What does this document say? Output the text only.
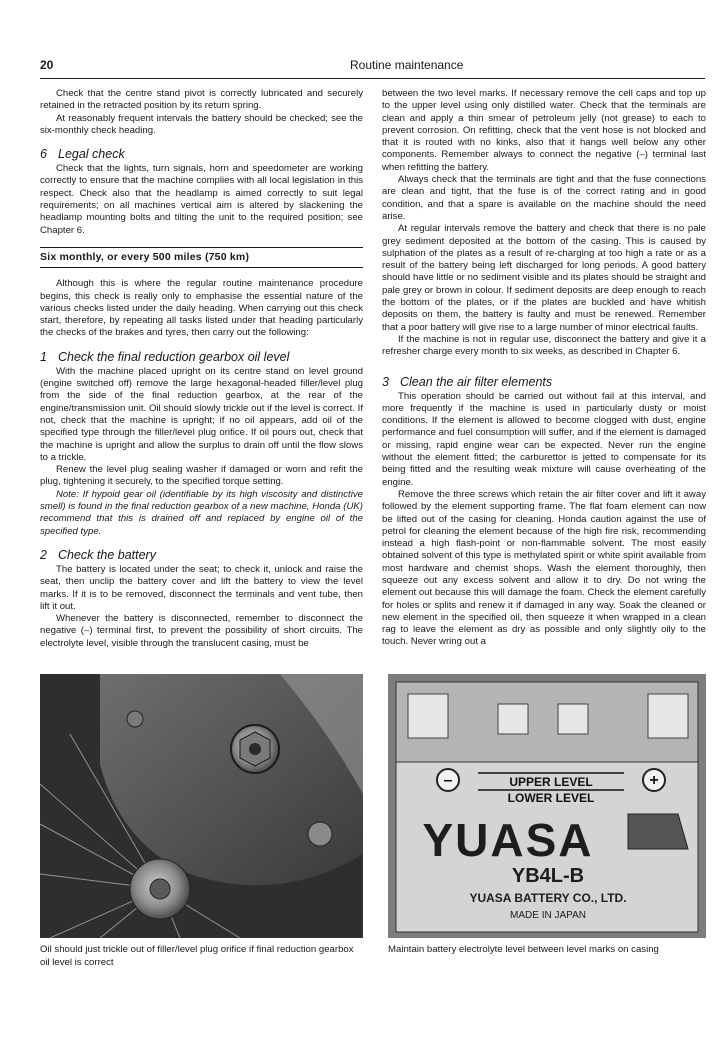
20	Routine maintenance

Check that the centre stand pivot is correctly lubricated and securely retained in the retracted position by its return spring.

At reasonably frequent intervals the battery should be checked; see the six-monthly check heading.

6 Legal check

Check that the lights, turn signals, horn and speedometer are working correctly to ensure that the machine complies with all local legislation in this respect. Check also that the headlamp is aimed correctly to suit legal requirements; on all machines vertical aim is altered by slackening the headlamp mounting bolts and tilting the unit to the required position; see Chapter 6.

Six monthly, or every 500 miles (750 km)

Although this is where the regular routine maintenance procedure begins, this check is really only to emphasise the essential nature of the various checks listed under the daily heading. When carrying out this check start, therefore, by repeating all tasks listed under that heading particularly the checks of the brakes and tyres, then carry out the following:

1 Check the final reduction gearbox oil level

With the machine placed upright on its centre stand on level ground (engine switched off) remove the large hexagonal-headed filler/level plug from the side of the final reduction gearbox, at the rear of the engine/transmission unit. Oil should slowly trickle out if the level is correct. If not, check that the machine is upright; if no oil appears, add oil of the specified type through the filler/level plug orifice. If oil pours out, check that the machine is upright and allow the surplus to drain off until the flow slows to a trickle.

Renew the level plug sealing washer if damaged or worn and refit the plug, tightening it securely, to the specified torque setting.

Note: If hypoid gear oil (identifiable by its high viscosity and distinctive smell) is found in the final reduction gearbox of a new machine, Honda (UK) recommend that this is drained off and replaced by engine oil of the specified type.

2 Check the battery

The battery is located under the seat; to check it, unlock and raise the seat, then unclip the battery cover and lift the battery to view the level marks. If it is to be removed, disconnect the terminals and vent tube, then lift it out.

Whenever the battery is disconnected, remember to disconnect the negative (–) terminal first, to prevent the possibility of short circuits. The electrolyte level, visible through the translucent casing, must be

between the two level marks. If necessary remove the cell caps and top up to the upper level using only distilled water. Check that the terminals are clean and apply a thin smear of petroleum jelly (not grease) to each to prevent corrosion. On refitting, check that the vent hose is not blocked and that it is routed with no kinks, also that it hangs well below any other components. Remember always to connect the negative (–) terminal last when refitting the battery.

Always check that the terminals are tight and that the fuse connections are clean and tight, that the fuse is of the correct rating and in good condition, and that a spare is available on the machine should the need arise.

At regular intervals remove the battery and check that there is no pale grey sediment deposited at the bottom of the casing. This is caused by sulphation of the plates as a result of re-charging at too high a rate or as a result of the battery being left discharged for long periods. A good battery should have little or no sediment visible and its plates should be straight and pale grey or brown in colour. If sediment deposits are deep enough to reach the bottom of the plates, or if the plates are buckled and have whitish deposits on them, the battery is faulty and must be renewed. Remember that a poor battery will give rise to a large number of minor electrical faults.

If the machine is not in regular use, disconnect the battery and give it a refresher charge every month to six weeks, as described in Chapter 6.

3 Clean the air filter elements

This operation should be carried out without fail at this interval, and more frequently if the machine is used in particularly dusty or moist conditions. If the element is allowed to become clogged with dust, engine performance and fuel consumption will suffer, and if the element is damaged or missing, rapid engine wear can be expected. Never run the engine without the element fitted; the carburettor is jetted to compensate for its being fitted and the resulting weak mixture will cause overheating of the engine.

Remove the three screws which retain the air filter cover and lift it away followed by the element supporting frame. The flat foam element can now be lifted out of the casing for cleaning. Honda caution against the use of petrol for cleaning the element because of the high fire risk, recommending instead a high flash-point or non-flammable solvent. The most easily obtained solvent of this type is methylated spirit or white spirit available from most hardware and chemist shops. Wash the element thoroughly, then squeeze out any excess solvent and allow it to dry. Do not wring the element out because this will damage the foam. Check the element carefully for holes or splits and renew it if damaged in any way. Soak the cleaned or new element in the specified oil, then squeeze it when wrapped in a clean rag to leave the element as dry as possible and only slightly oily to the touch. Never wring out a

–	+
UPPER LEVEL
LOWER LEVEL
YUASA
YB4L-B
YUASA BATTERY CO., LTD.
MADE IN JAPAN
Oil should just trickle out of filler/level plug orifice if final reduction gearbox oil level is correct
Maintain battery electrolyte level between level marks on casing
